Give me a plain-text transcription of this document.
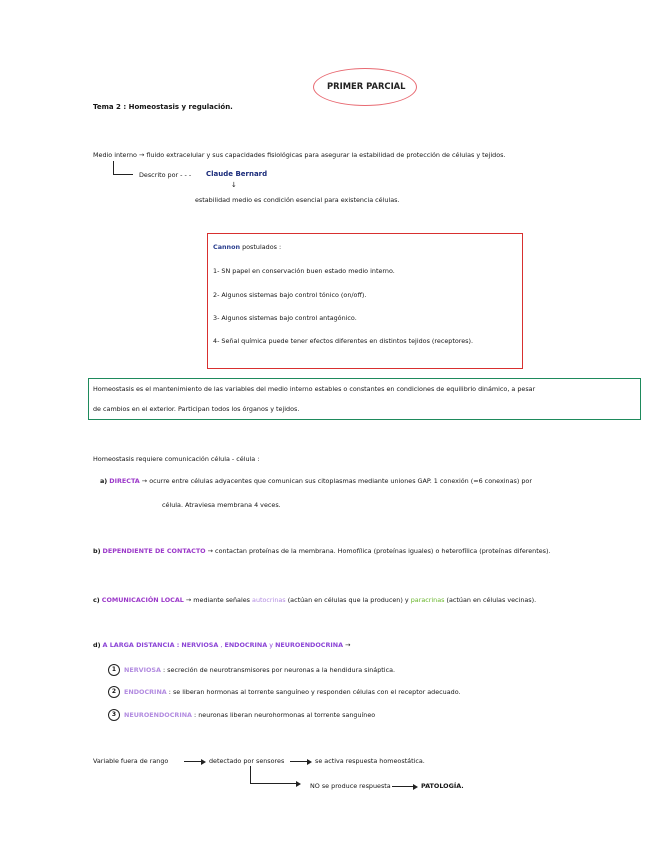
PRIMER PARCIAL
Tema 2 : Homeostasis y regulación.
Medio interno → fluido extracelular y sus capacidades fisiológicas para asegurar la estabilidad de protección de células y tejidos.
Descrito por - - - Claude Bernard
↓
estabilidad medio es condición esencial para existencia células.
Cannon postulados :
1- SN papel en conservación buen estado medio interno.
2- Algunos sistemas bajo control tónico (on/off).
3- Algunos sistemas bajo control antagónico.
4- Señal química puede tener efectos diferentes en distintos tejidos (receptores).
Homeostasis es el mantenimiento de las variables del medio interno estables o constantes en condiciones de equilibrio dinámico, a pesar
de cambios en el exterior. Participan todos los órganos y tejidos.
Homeostasis requiere comunicación célula - célula :
a) DIRECTA → ocurre entre células adyacentes que comunican sus citoplasmas mediante uniones GAP. 1 conexión (=6 conexinas) por
célula. Atraviesa membrana 4 veces.
b) DEPENDIENTE DE CONTACTO → contactan proteínas de la membrana. Homofílica (proteínas iguales) o heterofílica (proteínas diferentes).
c) COMUNICACIÓN LOCAL → mediante señales autocrinas (actúan en células que la producen) y paracrinas (actúan en células vecinas).
d) A LARGA DISTANCIA : NERVIOSA , ENDOCRINA y NEUROENDOCRINA →
1	NERVIOSA : secreción de neurotransmisores por neuronas a la hendidura sináptica.
2	ENDOCRINA : se liberan hormonas al torrente sanguíneo y responden células con el receptor adecuado.
3	NEUROENDOCRINA : neuronas liberan neurohormonas al torrente sanguíneo
Variable fuera de rango	detectado por sensores	se activa respuesta homeostática.
NO se produce respuesta	PATOLOGÍA.
